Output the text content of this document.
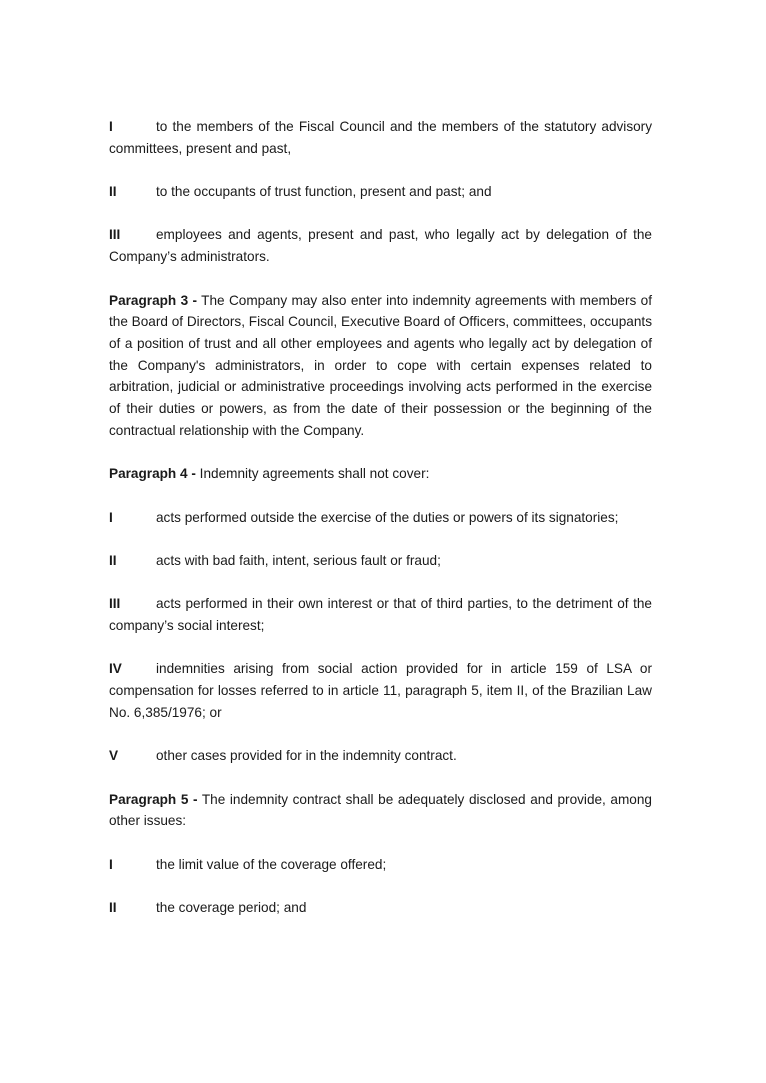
I	to the members of the Fiscal Council and the members of the statutory advisory committees, present and past,
II	to the occupants of trust function, present and past; and
III	employees and agents, present and past, who legally act by delegation of the Company’s administrators.
Paragraph 3 - The Company may also enter into indemnity agreements with members of the Board of Directors, Fiscal Council, Executive Board of Officers, committees, occupants of a position of trust and all other employees and agents who legally act by delegation of the Company's administrators, in order to cope with certain expenses related to arbitration, judicial or administrative proceedings involving acts performed in the exercise of their duties or powers, as from the date of their possession or the beginning of the contractual relationship with the Company.
Paragraph 4 - Indemnity agreements shall not cover:
I	acts performed outside the exercise of the duties or powers of its signatories;
II	acts with bad faith, intent, serious fault or fraud;
III	acts performed in their own interest or that of third parties, to the detriment of the company’s social interest;
IV	indemnities arising from social action provided for in article 159 of LSA or compensation for losses referred to in article 11, paragraph 5, item II, of the Brazilian Law No. 6,385/1976; or
V	other cases provided for in the indemnity contract.
Paragraph 5 - The indemnity contract shall be adequately disclosed and provide, among other issues:
I	the limit value of the coverage offered;
II	the coverage period; and
